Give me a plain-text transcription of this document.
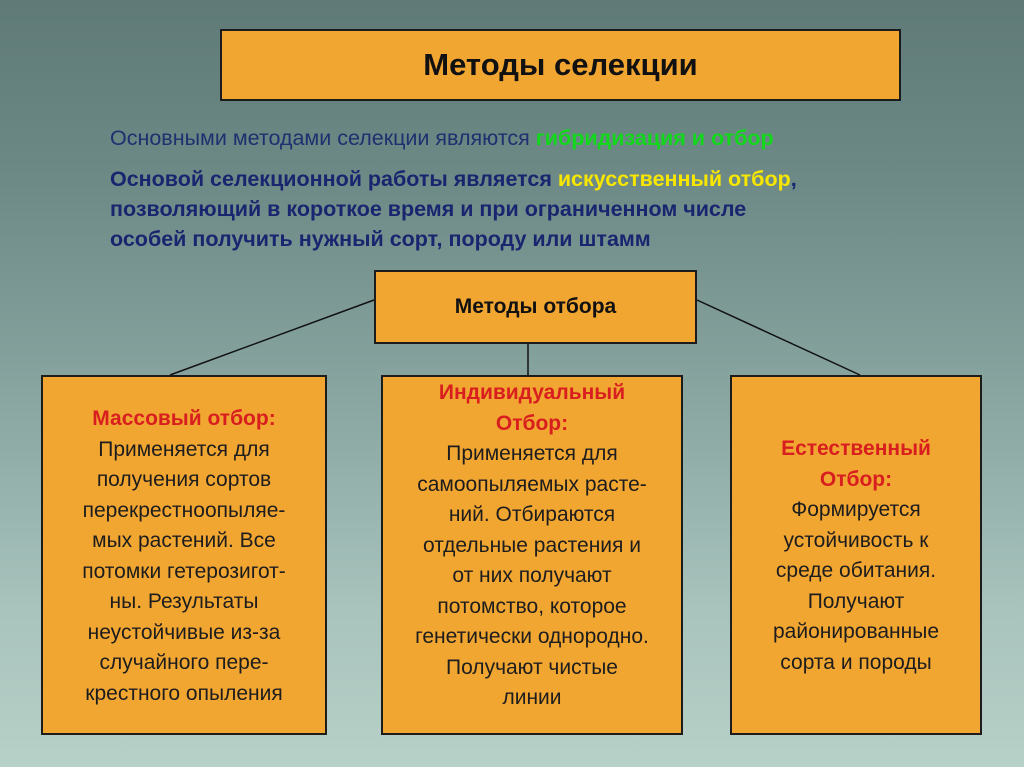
Методы селекции
Основными методами селекции являются гибридизация и отбор
Основой селекционной работы является искусственный отбор,
позволяющий в короткое время и при ограниченном числе
особей получить нужный сорт, породу или штамм
Методы отбора
Массовый отбор:
Применяется для
получения сортов
перекрестноопыляе-
мых растений. Все
потомки гетерозигот-
ны. Результаты
неустойчивые из-за
случайного пере-
крестного опыления
Индивидуальный
Отбор:
Применяется для
самоопыляемых расте-
ний. Отбираются
отдельные растения и
от них получают
потомство, которое
генетически однородно.
Получают чистые
линии
Естественный
Отбор:
Формируется
устойчивость к
среде обитания.
Получают
районированные
сорта и породы
